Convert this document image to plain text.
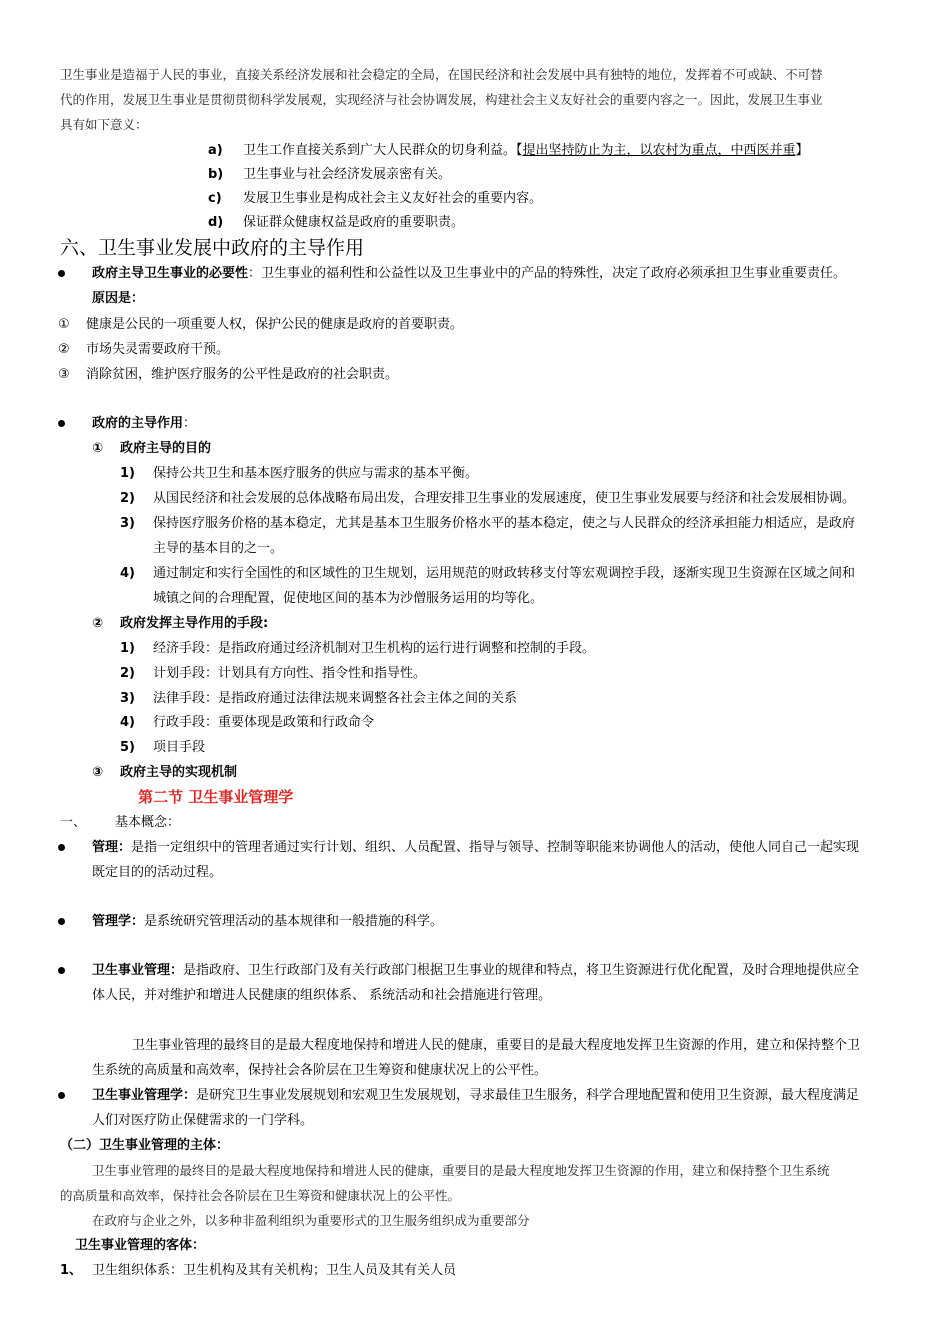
卫生事业是造福于人民的事业，直接关系经济发展和社会稳定的全局，在国民经济和社会发展中具有独特的地位，发挥着不可或缺、不可替
代的作用，发展卫生事业是贯彻贯彻科学发展观，实现经济与社会协调发展，构建社会主义友好社会的重要内容之一。因此，发展卫生事业
具有如下意义：
a) 卫生工作直接关系到广大人民群众的切身利益。【提出坚持防止为主，以农村为重点，中西医并重】
b) 卫生事业与社会经济发展亲密有关。
c) 发展卫生事业是构成社会主义友好社会的重要内容。
d) 保证群众健康权益是政府的重要职责。
六、卫生事业发展中政府的主导作用
政府主导卫生事业的必要性：卫生事业的福利性和公益性以及卫生事业中的产品的特殊性，决定了政府必须承担卫生事业重要责任。
原因是：
① 健康是公民的一项重要人权，保护公民的健康是政府的首要职责。
② 市场失灵需要政府干预。
③ 消除贫困，维护医疗服务的公平性是政府的社会职责。
政府的主导作用：
① 政府主导的目的
1) 保持公共卫生和基本医疗服务的供应与需求的基本平衡。
2) 从国民经济和社会发展的总体战略布局出发，合理安排卫生事业的发展速度，使卫生事业发展要与经济和社会发展相协调。
3) 保持医疗服务价格的基本稳定，尤其是基本卫生服务价格水平的基本稳定，使之与人民群众的经济承担能力相适应，是政府
主导的基本目的之一。
4) 通过制定和实行全国性的和区域性的卫生规划，运用规范的财政转移支付等宏观调控手段，逐渐实现卫生资源在区域之间和
城镇之间的合理配置，促使地区间的基本为沙僧服务运用的均等化。
② 政府发挥主导作用的手段:
1) 经济手段：是指政府通过经济机制对卫生机构的运行进行调整和控制的手段。
2) 计划手段：计划具有方向性、指令性和指导性。
3) 法律手段：是指政府通过法律法规来调整各社会主体之间的关系
4) 行政手段：重要体现是政策和行政命令
5) 项目手段
③ 政府主导的实现机制
第二节 卫生事业管理学
一、 基本概念：
管理：是指一定组织中的管理者通过实行计划、组织、人员配置、指导与领导、控制等职能来协调他人的活动，使他人同自己一起实现
既定目的的活动过程。
管理学：是系统研究管理活动的基本规律和一般措施的科学。
卫生事业管理：是指政府、卫生行政部门及有关行政部门根据卫生事业的规律和特点，将卫生资源进行优化配置，及时合理地提供应全
体人民，并对维护和增进人民健康的组织体系、 系统活动和社会措施进行管理。
卫生事业管理的最终目的是最大程度地保持和增进人民的健康，重要目的是最大程度地发挥卫生资源的作用，建立和保持整个卫
生系统的高质量和高效率，保持社会各阶层在卫生筹资和健康状况上的公平性。
卫生事业管理学：是研究卫生事业发展规划和宏观卫生发展规划，寻求最佳卫生服务，科学合理地配置和使用卫生资源，最大程度满足
人们对医疗防止保健需求的一门学科。
（二）卫生事业管理的主体：
卫生事业管理的最终目的是最大程度地保持和增进人民的健康，重要目的是最大程度地发挥卫生资源的作用，建立和保持整个卫生系统
的高质量和高效率，保持社会各阶层在卫生筹资和健康状况上的公平性。
在政府与企业之外，以多种非盈利组织为重要形式的卫生服务组织成为重要部分
卫生事业管理的客体：
1、 卫生组织体系：卫生机构及其有关机构；卫生人员及其有关人员
